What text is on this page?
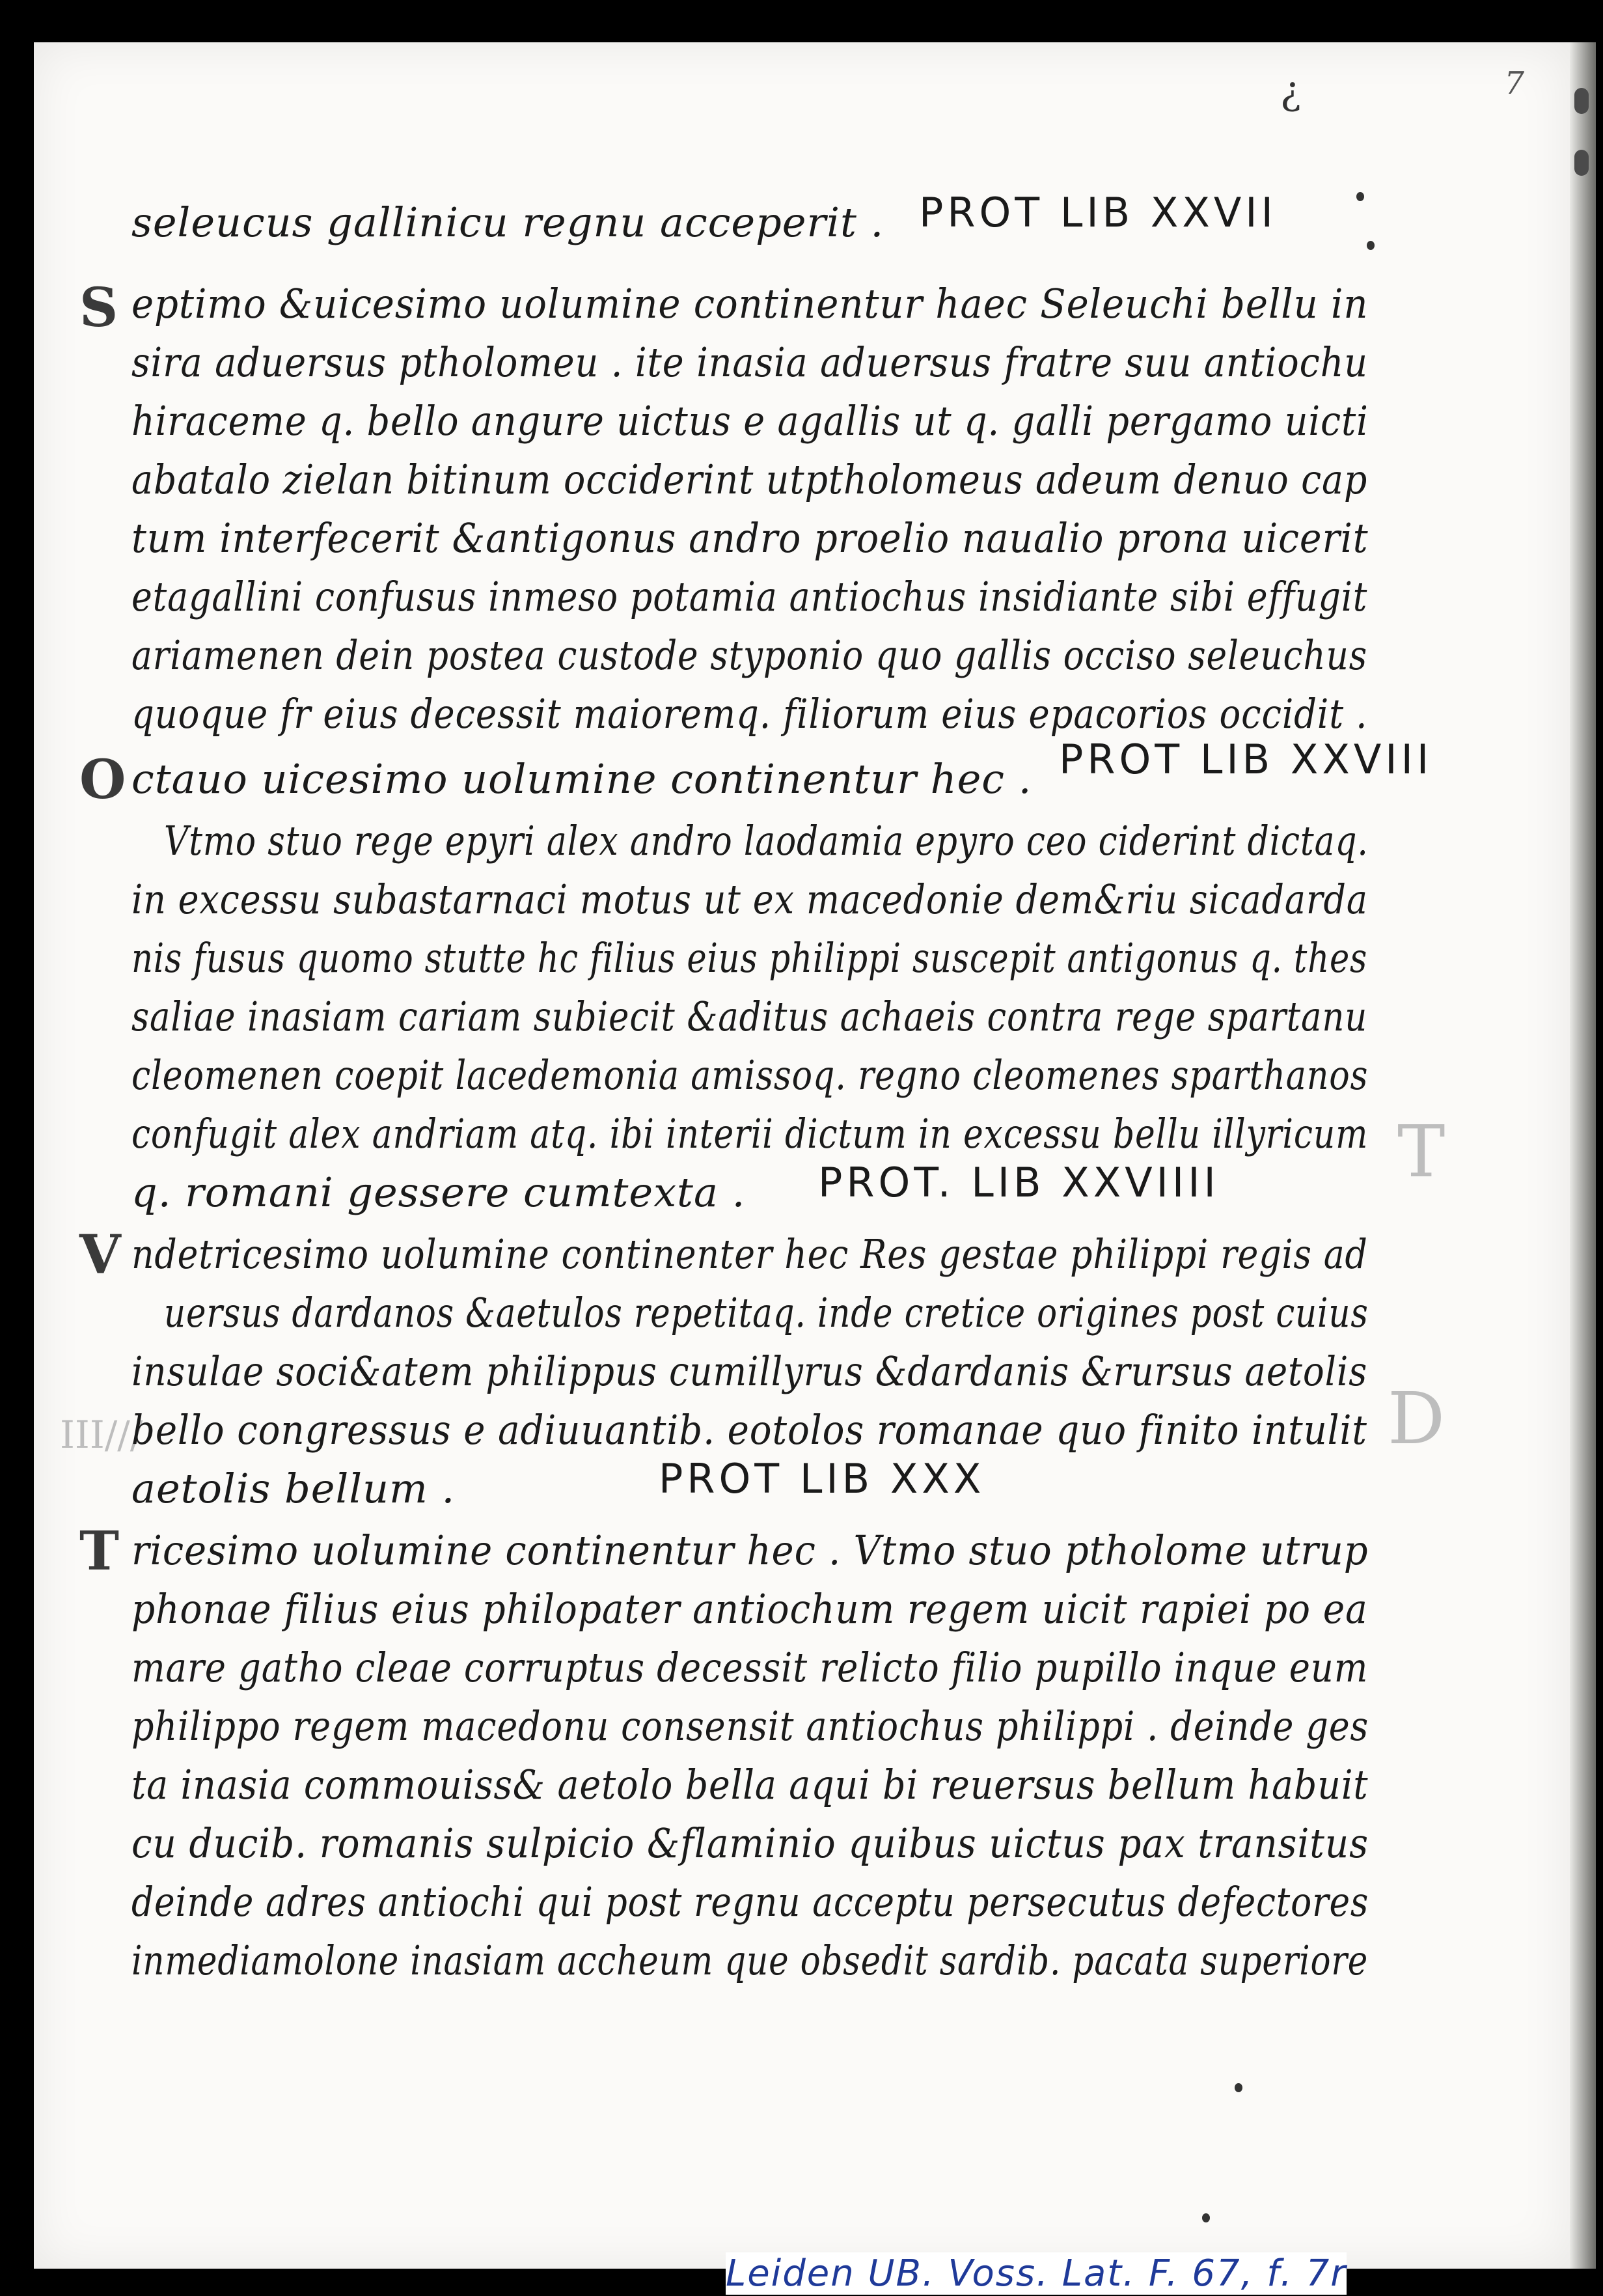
7
¿
T
D
III///
seleucus gallinicu regnu acceperit . PROT LIB XXVII
S eptimo &uicesimo uolumine continentur haec Seleuchi bellu in
sira aduersus ptholomeu . ite inasia aduersus fratre suu antiochu
hiraceme q. bello angure uictus e agallis ut q. galli pergamo uicti
abatalo zielan bitinum occiderint utptholomeus adeum denuo cap
tum interfecerit &antigonus andro proelio naualio prona uicerit
etagallini confusus inmeso potamia antiochus insidiante sibi effugit
ariamenen dein postea custode styponio quo gallis occiso seleuchus
quoque fr eius decessit maioremq. filiorum eius epacorios occidit .
O ctauo uicesimo uolumine continentur hec . PROT LIB XXVIII
Vtmo stuo rege epyri alex andro laodamia epyro ceo ciderint dictaq.
in excessu subastarnaci motus ut ex macedonie dem&riu sicadarda
nis fusus quomo stutte hc filius eius philippi suscepit antigonus q. thes
saliae inasiam cariam subiecit &aditus achaeis contra rege spartanu
cleomenen coepit lacedemonia amissoq. regno cleomenes sparthanos
confugit alex andriam atq. ibi interii dictum in excessu bellu illyricum
q. romani gessere cumtexta . PROT. LIB XXVIIII
V ndetricesimo uolumine continenter hec Res gestae philippi regis ad
uersus dardanos &aetulos repetitaq. inde cretice origines post cuius
insulae soci&atem philippus cumillyrus &dardanis &rursus aetolis
bello congressus e adiuuantib. eotolos romanae quo finito intulit
aetolis bellum .	PROT LIB XXX
T ricesimo uolumine continentur hec . Vtmo stuo ptholome utrup
phonae filius eius philopater antiochum regem uicit rapiei po ea
mare gatho cleae corruptus decessit relicto filio pupillo inque eum
philippo regem macedonu consensit antiochus philippi . deinde ges
ta inasia commouiss& aetolo bella aqui bi reuersus bellum habuit
cu ducib. romanis sulpicio &flaminio quibus uictus pax transitus
deinde adres antiochi qui post regnu acceptu persecutus defectores
inmediamolone inasiam accheum que obsedit sardib. pacata superiore
Leiden UB. Voss. Lat. F. 67, f. 7r
